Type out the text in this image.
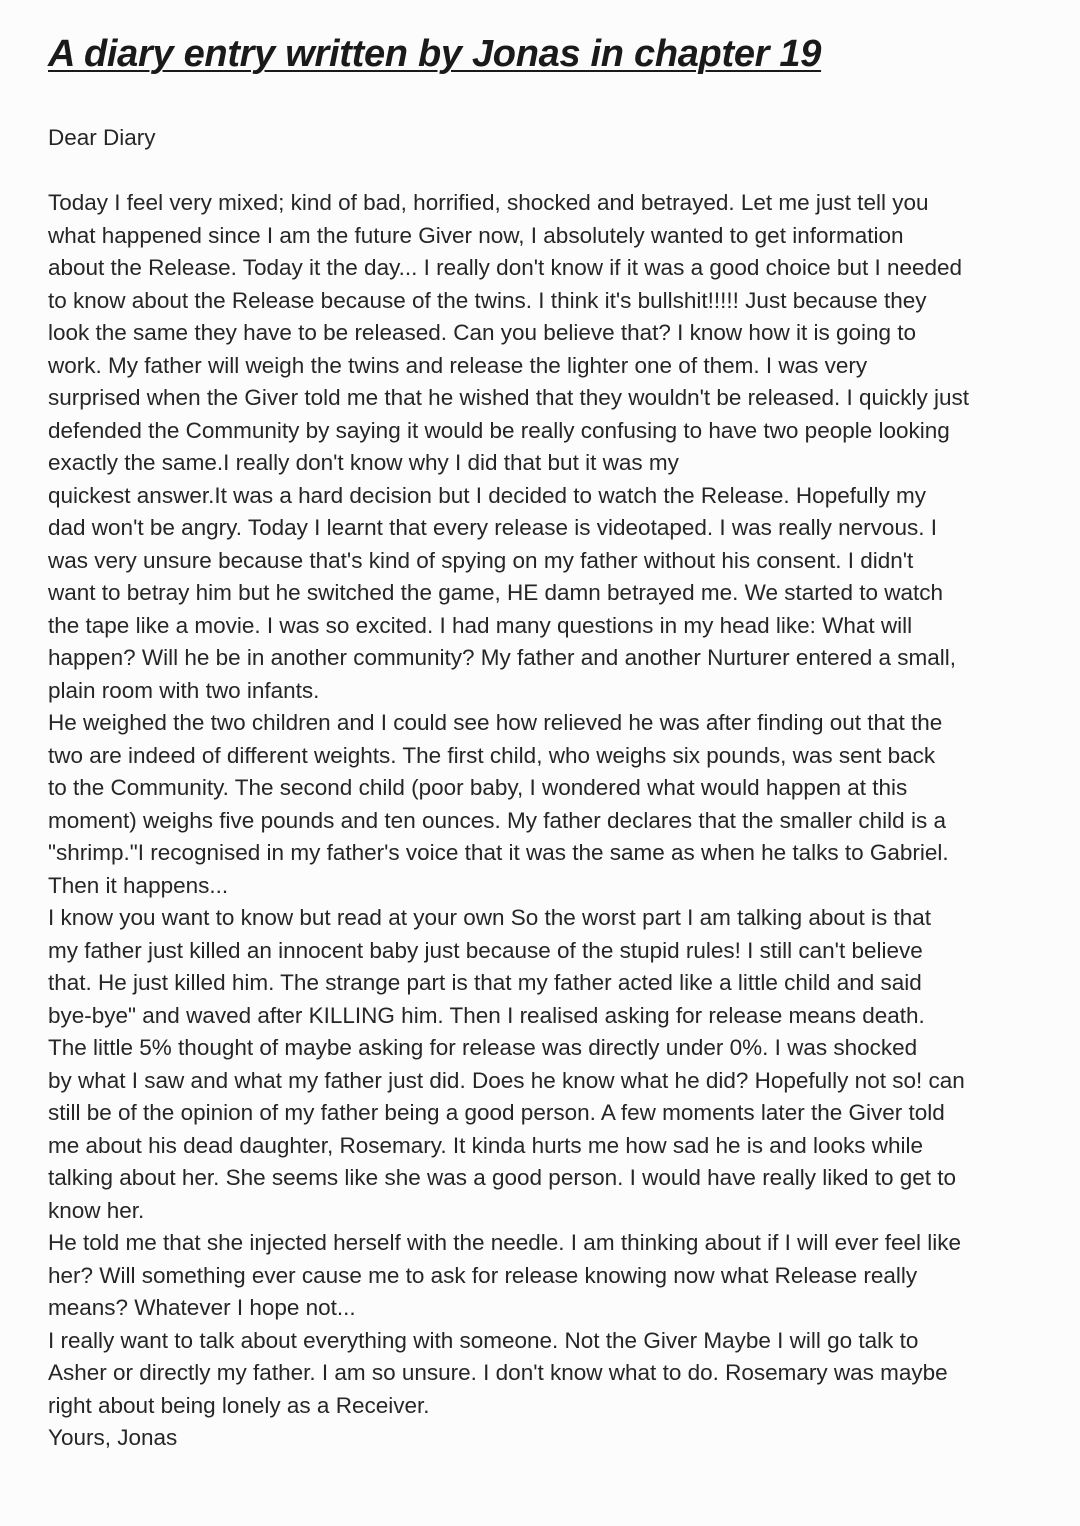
A diary entry written by Jonas in chapter 19

Dear Diary

Today I feel very mixed; kind of bad, horrified, shocked and betrayed. Let me just tell you
what happened since I am the future Giver now, I absolutely wanted to get information
about the Release. Today it the day... I really don't know if it was a good choice but I needed
to know about the Release because of the twins. I think it's bullshit!!!!! Just because they
look the same they have to be released. Can you believe that? I know how it is going to
work. My father will weigh the twins and release the lighter one of them. I was very
surprised when the Giver told me that he wished that they wouldn't be released. I quickly just
defended the Community by saying it would be really confusing to have two people looking
exactly the same.I really don't know why I did that but it was my
quickest answer.It was a hard decision but I decided to watch the Release. Hopefully my
dad won't be angry. Today I learnt that every release is videotaped. I was really nervous. I
was very unsure because that's kind of spying on my father without his consent. I didn't
want to betray him but he switched the game, HE damn betrayed me. We started to watch
the tape like a movie. I was so excited. I had many questions in my head like: What will
happen? Will he be in another community? My father and another Nurturer entered a small,
plain room with two infants.
He weighed the two children and I could see how relieved he was after finding out that the
two are indeed of different weights. The first child, who weighs six pounds, was sent back
to the Community. The second child (poor baby, I wondered what would happen at this
moment) weighs five pounds and ten ounces. My father declares that the smaller child is a
"shrimp."I recognised in my father's voice that it was the same as when he talks to Gabriel.
Then it happens...
I know you want to know but read at your own So the worst part I am talking about is that
my father just killed an innocent baby just because of the stupid rules! I still can't believe
that. He just killed him. The strange part is that my father acted like a little child and said
bye-bye" and waved after KILLING him. Then I realised asking for release means death.
The little 5% thought of maybe asking for release was directly under 0%. I was shocked
by what I saw and what my father just did. Does he know what he did? Hopefully not so! can
still be of the opinion of my father being a good person. A few moments later the Giver told
me about his dead daughter, Rosemary. It kinda hurts me how sad he is and looks while
talking about her. She seems like she was a good person. I would have really liked to get to
know her.
He told me that she injected herself with the needle. I am thinking about if I will ever feel like
her? Will something ever cause me to ask for release knowing now what Release really
means? Whatever I hope not...
I really want to talk about everything with someone. Not the Giver Maybe I will go talk to
Asher or directly my father. I am so unsure. I don't know what to do. Rosemary was maybe
right about being lonely as a Receiver.
Yours, Jonas
